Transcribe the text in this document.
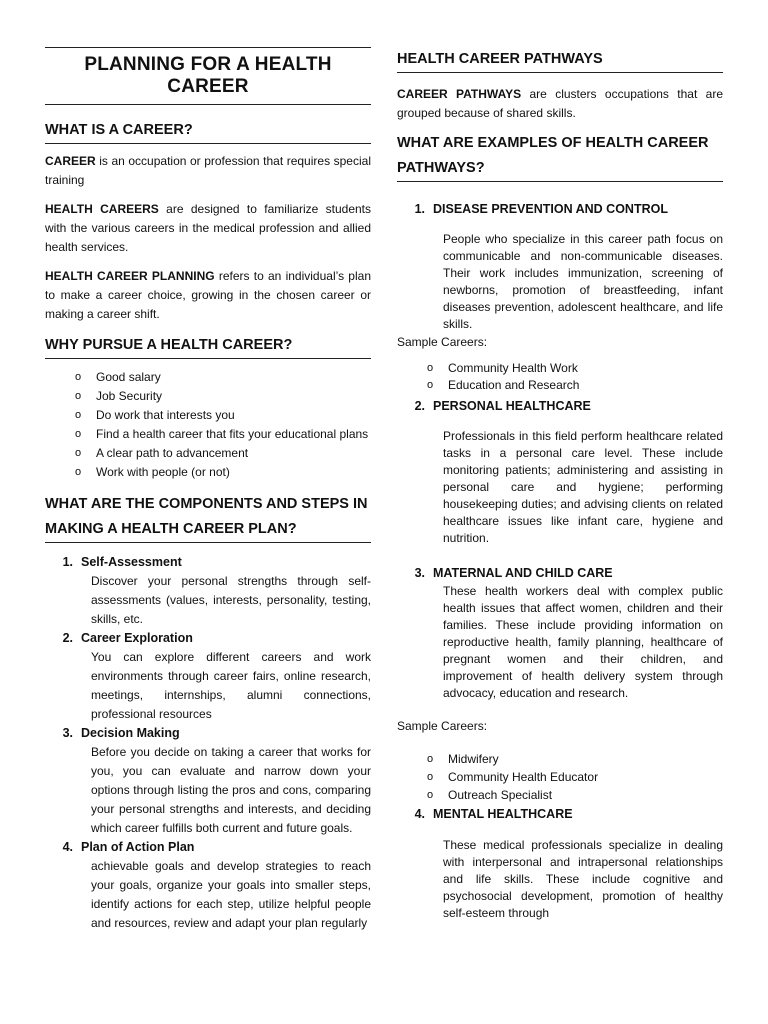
PLANNING FOR A HEALTH CAREER
WHAT IS A CAREER?

CAREER is an occupation or profession that requires special training

HEALTH CAREERS are designed to familiarize students with the various careers in the medical profession and allied health services.

HEALTH CAREER PLANNING refers to an individual’s plan to make a career choice, growing in the chosen career or making a career shift.

WHY PURSUE A HEALTH CAREER?
o Good salary
o Job Security
o Do work that interests you
o Find a health career that fits your educational plans
o A clear path to advancement
o Work with people (or not)
WHAT ARE THE COMPONENTS AND STEPS IN MAKING A HEALTH CAREER PLAN?
1. Self-Assessment

Discover your personal strengths through self-assessments (values, interests, personality, testing, skills, etc.

2. Career Exploration

You can explore different careers and work environments through career fairs, online research, meetings, internships, alumni connections, professional resources

3. Decision Making

Before you decide on taking a career that works for you, you can evaluate and narrow down your options through listing the pros and cons, comparing your personal strengths and interests, and deciding which career fulfills both current and future goals.

4. Plan of Action Plan

achievable goals and develop strategies to reach your goals, organize your goals into smaller steps, identify actions for each step, utilize helpful people and resources, review and adapt your plan regularly

HEALTH CAREER PATHWAYS

CAREER PATHWAYS are clusters occupations that are grouped because of shared skills.

WHAT ARE EXAMPLES OF HEALTH CAREER PATHWAYS?
1. DISEASE PREVENTION AND CONTROL
People who specialize in this career path focus on communicable and non-communicable diseases. Their work includes immunization, screening of newborns, promotion of breastfeeding, infant diseases prevention, adolescent healthcare, and life skills.
Sample Careers:
o Community Health Work
o Education and Research
2. PERSONAL HEALTHCARE
Professionals in this field perform healthcare related tasks in a personal care level. These include monitoring patients; administering and assisting in personal care and hygiene; performing housekeeping duties; and advising clients on related healthcare issues like infant care, hygiene and nutrition.
3. MATERNAL AND CHILD CARE
These health workers deal with complex public health issues that affect women, children and their families. These include providing information on reproductive health, family planning, healthcare of pregnant women and their children, and improvement of health delivery system through advocacy, education and research.
Sample Careers:
o Midwifery
o Community Health Educator
o Outreach Specialist
4. MENTAL HEALTHCARE
These medical professionals specialize in dealing with interpersonal and intrapersonal relationships and life skills. These include cognitive and psychosocial development, promotion of healthy self-esteem through
